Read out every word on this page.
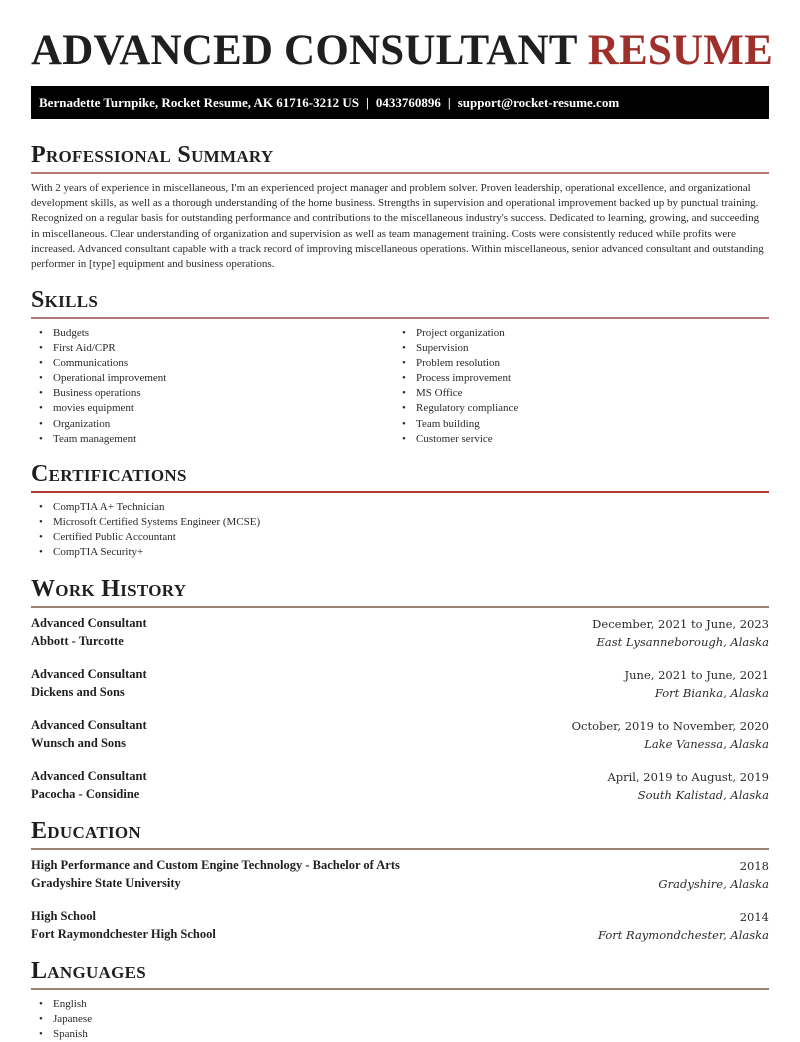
ADVANCED CONSULTANT RESUME
Bernadette Turnpike, Rocket Resume, AK 61716-3212 US | 0433760896 | support@rocket-resume.com
Professional Summary
With 2 years of experience in miscellaneous, I'm an experienced project manager and problem solver. Proven leadership, operational excellence, and organizational development skills, as well as a thorough understanding of the home business. Strengths in supervision and operational improvement backed up by punctual training. Recognized on a regular basis for outstanding performance and contributions to the miscellaneous industry's success. Dedicated to learning, growing, and succeeding in miscellaneous. Clear understanding of organization and supervision as well as team management training. Costs were consistently reduced while profits were increased. Advanced consultant capable with a track record of improving miscellaneous operations. Within miscellaneous, senior advanced consultant and outstanding performer in [type] equipment and business operations.
Skills
• Budgets
• First Aid/CPR
• Communications
• Operational improvement
• Business operations
• movies equipment
• Organization
• Team management
• Project organization
• Supervision
• Problem resolution
• Process improvement
• MS Office
• Regulatory compliance
• Team building
• Customer service
Certifications
• CompTIA A+ Technician
• Microsoft Certified Systems Engineer (MCSE)
• Certified Public Accountant
• CompTIA Security+
Work History
Advanced Consultant
Abbott - Turcotte
December, 2021 to June, 2023
East Lysanneborough, Alaska
Advanced Consultant
Dickens and Sons
June, 2021 to June, 2021
Fort Bianka, Alaska
Advanced Consultant
Wunsch and Sons
October, 2019 to November, 2020
Lake Vanessa, Alaska
Advanced Consultant
Pacocha - Considine
April, 2019 to August, 2019
South Kalistad, Alaska
Education
High Performance and Custom Engine Technology - Bachelor of Arts
Gradyshire State University
2018
Gradyshire, Alaska
High School
Fort Raymondchester High School
2014
Fort Raymondchester, Alaska
Languages
• English
• Japanese
• Spanish
